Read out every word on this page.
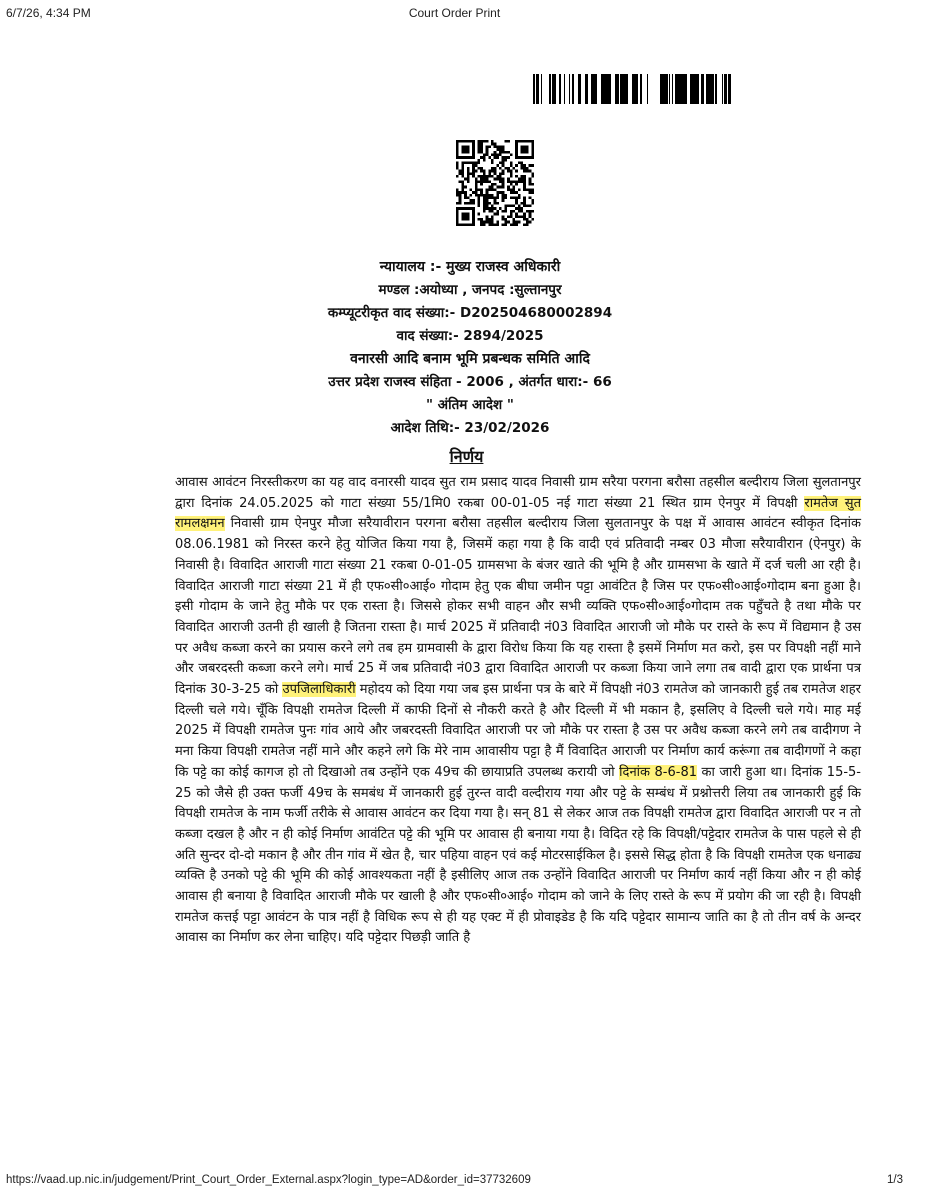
6/7/26, 4:34 PM	Court Order Print
न्यायालय :- मुख्य राजस्व अधिकारी
मण्डल :अयोध्या , जनपद :सुल्तानपुर
कम्प्यूटरीकृत वाद संख्या:- D202504680002894
वाद संख्या:- 2894/2025
वनारसी आदि बनाम भूमि प्रबन्धक समिति आदि
उत्तर प्रदेश राजस्व संहिता - 2006 , अंतर्गत धारा:- 66
" अंतिम आदेश "
आदेश तिथि:- 23/02/2026
निर्णय
आवास आवंटन निरस्तीकरण का यह वाद वनारसी यादव सुत राम प्रसाद यादव निवासी ग्राम सरैया परगना बरौसा तहसील बल्दीराय जिला सुलतानपुर द्वारा दिनांक 24.05.2025 को गाटा संख्या 55/1मि0 रकबा 00-01-05 नई गाटा संख्या 21 स्थित ग्राम ऐनपुर में विपक्षी रामतेज सुत रामलक्षमन निवासी ग्राम ऐनपुर मौजा सरैयावीरान परगना बरौसा तहसील बल्दीराय जिला सुलतानपुर के पक्ष में आवास आवंटन स्वीकृत दिनांक 08.06.1981 को निरस्त करने हेतु योजित किया गया है, जिसमें कहा गया है कि वादी एवं प्रतिवादी नम्बर 03 मौजा सरैयावीरान (ऐनपुर) के निवासी है। विवादित आराजी गाटा संख्या 21 रकबा 0-01-05 ग्रामसभा के बंजर खाते की भूमि है और ग्रामसभा के खाते में दर्ज चली आ रही है। विवादित आराजी गाटा संख्या 21 में ही एफ०सी०आई० गोदाम हेतु एक बीघा जमीन पट्टा आवंटित है जिस पर एफ०सी०आई०गोदाम बना हुआ है। इसी गोदाम के जाने हेतु मौके पर एक रास्ता है। जिससे होकर सभी वाहन और सभी व्यक्ति एफ०सी०आई०गोदाम तक पहुँचते है तथा मौके पर विवादित आराजी उतनी ही खाली है जितना रास्ता है। मार्च 2025 में प्रतिवादी नं03 विवादित आराजी जो मौके पर रास्ते के रूप में विद्यमान है उस पर अवैध कब्जा करने का प्रयास करने लगे तब हम ग्रामवासी के द्वारा विरोध किया कि यह रास्ता है इसमें निर्माण मत करो, इस पर विपक्षी नहीं माने और जबरदस्ती कब्जा करने लगे। मार्च 25 में जब प्रतिवादी नं03 द्वारा विवादित आराजी पर कब्जा किया जाने लगा तब वादी द्वारा एक प्रार्थना पत्र दिनांक 30-3-25 को उपजिलाधिकारी महोदय को दिया गया जब इस प्रार्थना पत्र के बारे में विपक्षी नं03 रामतेज को जानकारी हुई तब रामतेज शहर दिल्ली चले गये। चूँकि विपक्षी रामतेज दिल्ली में काफी दिनों से नौकरी करते है और दिल्ली में भी मकान है, इसलिए वे दिल्ली चले गये। माह मई 2025 में विपक्षी रामतेज पुनः गांव आये और जबरदस्ती विवादित आराजी पर जो मौके पर रास्ता है उस पर अवैध कब्जा करने लगे तब वादीगण ने मना किया विपक्षी रामतेज नहीं माने और कहने लगे कि मेरे नाम आवासीय पट्टा है मैं विवादित आराजी पर निर्माण कार्य करूंगा तब वादीगणों ने कहा कि पट्टे का कोई कागज हो तो दिखाओ तब उन्होंने एक 49च की छायाप्रति उपलब्ध करायी जो दिनांक 8-6-81 का जारी हुआ था। दिनांक 15-5-25 को जैसे ही उक्त फर्जी 49च के समबंध में जानकारी हुई तुरन्त वादी वल्दीराय गया और पट्टे के सम्बंध में प्रश्नोत्तरी लिया तब जानकारी हुई कि विपक्षी रामतेज के नाम फर्जी तरीके से आवास आवंटन कर दिया गया है। सन् 81 से लेकर आज तक विपक्षी रामतेज द्वारा विवादित आराजी पर न तो कब्जा दखल है और न ही कोई निर्माण आवंटित पट्टे की भूमि पर आवास ही बनाया गया है। विदित रहे कि विपक्षी/पट्टेदार रामतेज के पास पहले से ही अति सुन्दर दो-दो मकान है और तीन गांव में खेत है, चार पहिया वाहन एवं कई मोटरसाईकिल है। इससे सिद्ध होता है कि विपक्षी रामतेज एक धनाढ्य व्यक्ति है उनको पट्टे की भूमि की कोई आवश्यकता नहीं है इसीलिए आज तक उन्होंने विवादित आराजी पर निर्माण कार्य नहीं किया और न ही कोई आवास ही बनाया है विवादित आराजी मौके पर खाली है और एफ०सी०आई० गोदाम को जाने के लिए रास्ते के रूप में प्रयोग की जा रही है। विपक्षी रामतेज कत्तई पट्टा आवंटन के पात्र नहीं है विधिक रूप से ही यह एक्ट में ही प्रोवाइडेड है कि यदि पट्टेदार सामान्य जाति का है तो तीन वर्ष के अन्दर आवास का निर्माण कर लेना चाहिए। यदि पट्टेदार पिछड़ी जाति है
https://vaad.up.nic.in/judgement/Print_Court_Order_External.aspx?login_type=AD&order_id=37732609	1/3
